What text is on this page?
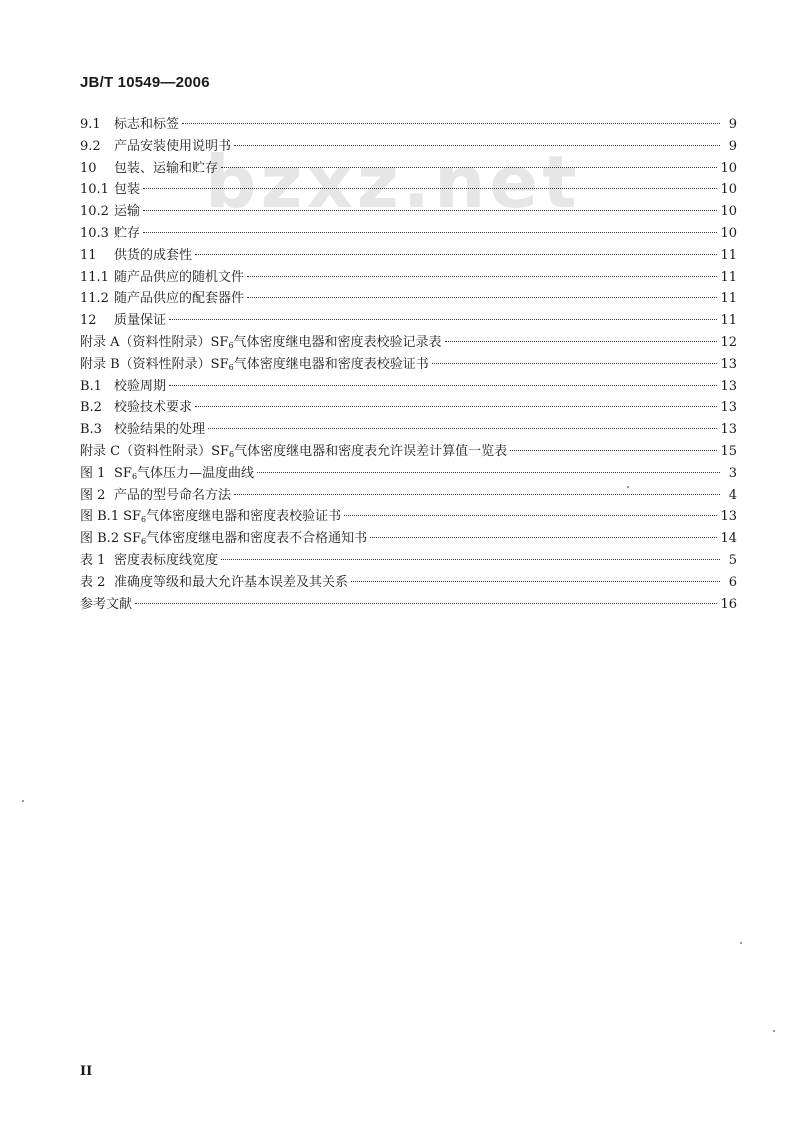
JB/T 10549—2006
bzxz.net
9.1	标志和标签	9
9.2	产品安装使用说明书	9
10	包装、运输和贮存	10
10.1 包装	10
10.2 运输	10
10.3 贮存	10
11	供货的成套性	11
11.1 随产品供应的随机文件	11
11.2 随产品供应的配套器件	11
12	质量保证	11
附录 A（资料性附录）$SF_6$气体密度继电器和密度表校验记录表	12
附录 B（资料性附录）$SF_6$气体密度继电器和密度表校验证书	13
B.1 校验周期	13
B.2 校验技术要求	13
B.3 校验结果的处理	13
附录 C（资料性附录）$SF_6$气体密度继电器和密度表允许误差计算值一览表	15
图 1 $SF_6$气体压力—温度曲线	3
图 2 产品的型号命名方法	4
图 B.1 $SF_6$气体密度继电器和密度表校验证书	13
图 B.2 $SF_6$气体密度继电器和密度表不合格通知书	14
表 1 密度表标度线宽度	5
表 2 准确度等级和最大允许基本误差及其关系	6
参考文献	16
II
